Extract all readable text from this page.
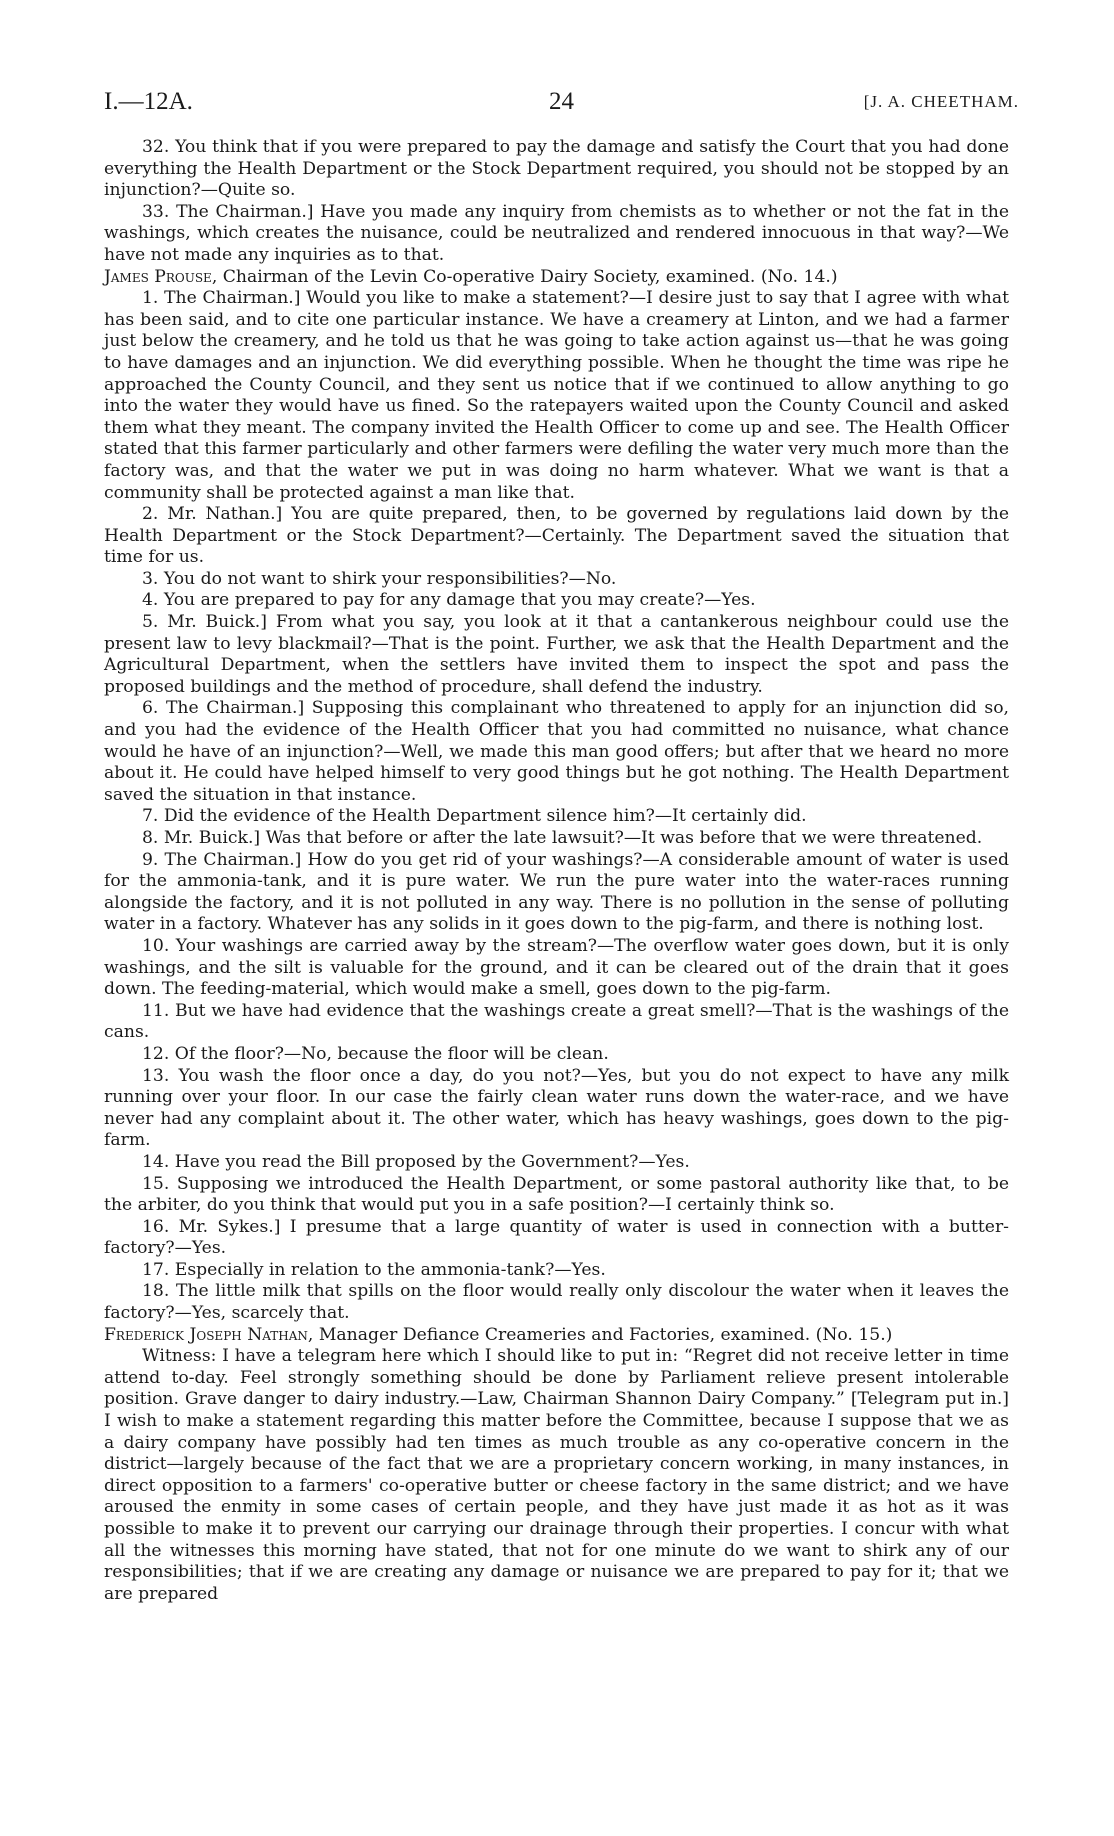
I.—12A.	24	[J. A. CHEETHAM.

32. You think that if you were prepared to pay the damage and satisfy the Court that you had done everything the Health Department or the Stock Department required, you should not be stopped by an injunction?—Quite so.

33. The Chairman.] Have you made any inquiry from chemists as to whether or not the fat in the washings, which creates the nuisance, could be neutralized and rendered innocuous in that way?—We have not made any inquiries as to that.

James Prouse, Chairman of the Levin Co-operative Dairy Society, examined. (No. 14.)

1. The Chairman.] Would you like to make a statement?—I desire just to say that I agree with what has been said, and to cite one particular instance. We have a creamery at Linton, and we had a farmer just below the creamery, and he told us that he was going to take action against us—that he was going to have damages and an injunction. We did everything possible. When he thought the time was ripe he approached the County Council, and they sent us notice that if we continued to allow anything to go into the water they would have us fined. So the ratepayers waited upon the County Council and asked them what they meant. The company invited the Health Officer to come up and see. The Health Officer stated that this farmer particularly and other farmers were defiling the water very much more than the factory was, and that the water we put in was doing no harm whatever. What we want is that a community shall be protected against a man like that.

2. Mr. Nathan.] You are quite prepared, then, to be governed by regulations laid down by the Health Department or the Stock Department?—Certainly. The Department saved the situation that time for us.

3. You do not want to shirk your responsibilities?—No.

4. You are prepared to pay for any damage that you may create?—Yes.

5. Mr. Buick.] From what you say, you look at it that a cantankerous neighbour could use the present law to levy blackmail?—That is the point. Further, we ask that the Health Department and the Agricultural Department, when the settlers have invited them to inspect the spot and pass the proposed buildings and the method of procedure, shall defend the industry.

6. The Chairman.] Supposing this complainant who threatened to apply for an injunction did so, and you had the evidence of the Health Officer that you had committed no nuisance, what chance would he have of an injunction?—Well, we made this man good offers; but after that we heard no more about it. He could have helped himself to very good things but he got nothing. The Health Department saved the situation in that instance.

7. Did the evidence of the Health Department silence him?—It certainly did.

8. Mr. Buick.] Was that before or after the late lawsuit?—It was before that we were threatened.

9. The Chairman.] How do you get rid of your washings?—A considerable amount of water is used for the ammonia-tank, and it is pure water. We run the pure water into the water-races running alongside the factory, and it is not polluted in any way. There is no pollution in the sense of polluting water in a factory. Whatever has any solids in it goes down to the pig-farm, and there is nothing lost.

10. Your washings are carried away by the stream?—The overflow water goes down, but it is only washings, and the silt is valuable for the ground, and it can be cleared out of the drain that it goes down. The feeding-material, which would make a smell, goes down to the pig-farm.

11. But we have had evidence that the washings create a great smell?—That is the washings of the cans.

12. Of the floor?—No, because the floor will be clean.

13. You wash the floor once a day, do you not?—Yes, but you do not expect to have any milk running over your floor. In our case the fairly clean water runs down the water-race, and we have never had any complaint about it. The other water, which has heavy washings, goes down to the pig-farm.

14. Have you read the Bill proposed by the Government?—Yes.

15. Supposing we introduced the Health Department, or some pastoral authority like that, to be the arbiter, do you think that would put you in a safe position?—I certainly think so.

16. Mr. Sykes.] I presume that a large quantity of water is used in connection with a butter-factory?—Yes.

17. Especially in relation to the ammonia-tank?—Yes.

18. The little milk that spills on the floor would really only discolour the water when it leaves the factory?—Yes, scarcely that.

Frederick Joseph Nathan, Manager Defiance Creameries and Factories, examined. (No. 15.)

Witness: I have a telegram here which I should like to put in: “Regret did not receive letter in time attend to-day. Feel strongly something should be done by Parliament relieve present intolerable position. Grave danger to dairy industry.—Law, Chairman Shannon Dairy Company.” [Telegram put in.] I wish to make a statement regarding this matter before the Committee, because I suppose that we as a dairy company have possibly had ten times as much trouble as any co-operative concern in the district—largely because of the fact that we are a proprietary concern working, in many instances, in direct opposition to a farmers' co-operative butter or cheese factory in the same district; and we have aroused the enmity in some cases of certain people, and they have just made it as hot as it was possible to make it to prevent our carrying our drainage through their properties. I concur with what all the witnesses this morning have stated, that not for one minute do we want to shirk any of our responsibilities; that if we are creating any damage or nuisance we are prepared to pay for it; that we are prepared
